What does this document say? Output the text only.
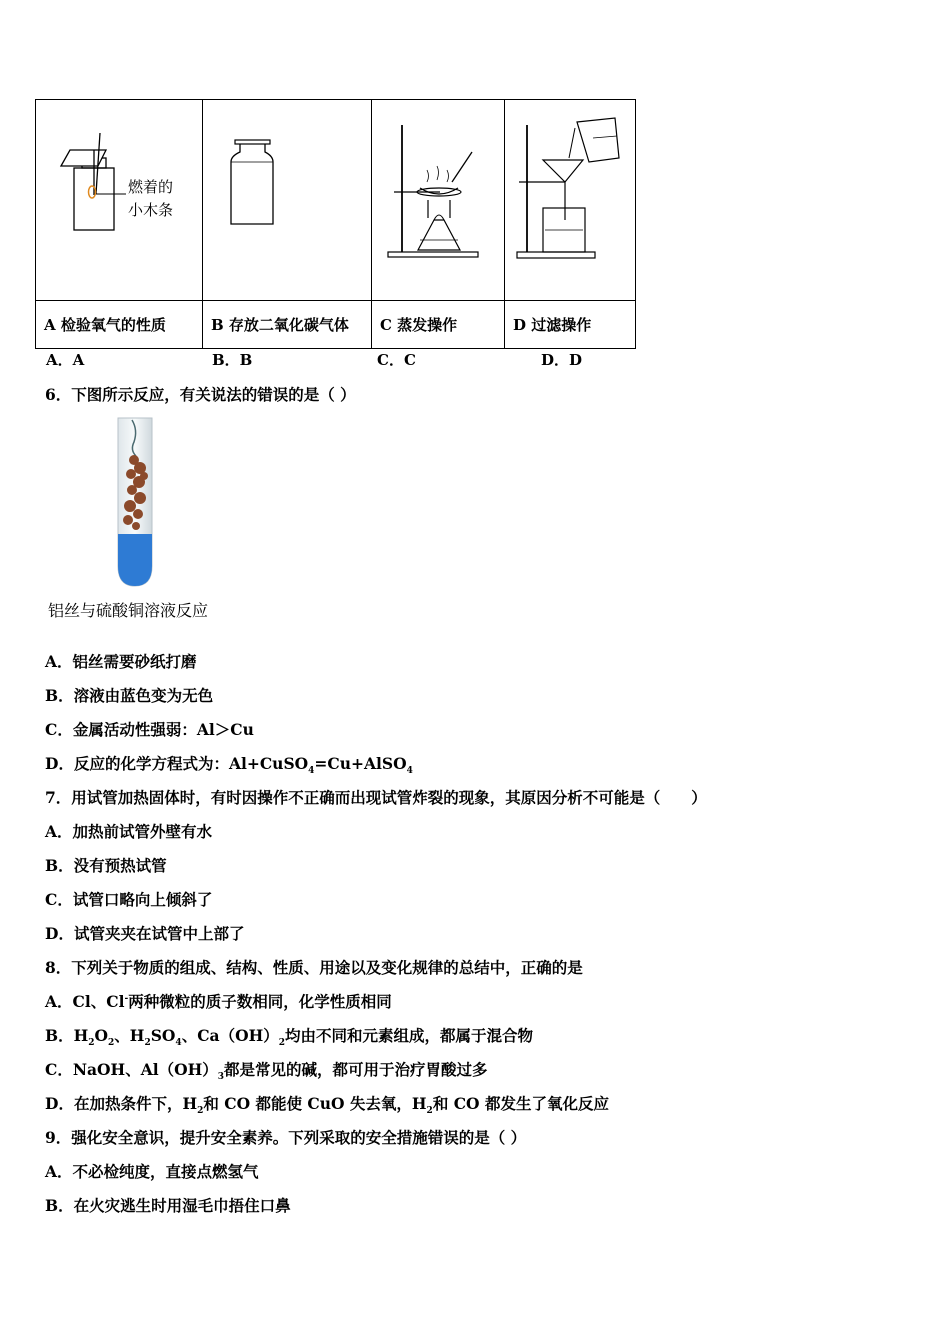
燃着的
小木条

A 检验氧气的性质	B 存放二氧化碳气体	C 蒸发操作	D 过滤操作
A．A	B．B	C．C	D．D
6．下图所示反应，有关说法的错误的是（ ）
铝丝与硫酸铜溶液反应
A．铝丝需要砂纸打磨
B．溶液由蓝色变为无色
C．金属活动性强弱：Al＞Cu
D．反应的化学方程式为：Al+CuSO$_4$=Cu+AlSO$_4$
7．用试管加热固体时，有时因操作不正确而出现试管炸裂的现象，其原因分析不可能是（　　）
A．加热前试管外壁有水
B．没有预热试管
C．试管口略向上倾斜了
D．试管夹夹在试管中上部了
8．下列关于物质的组成、结构、性质、用途以及变化规律的总结中，正确的是
A．Cl、Cl-两种微粒的质子数相同，化学性质相同
B．$H_2O_2$、$H_2SO_4$、$Ca(OH)_2$均由不同和元素组成，都属于混合物
C．NaOH、$Al(OH)_3$都是常见的碱，都可用于治疗胃酸过多
D．在加热条件下，$H_2$和 CO 都能使 CuO 失去氧，$H_2$和 CO 都发生了氧化反应
9．强化安全意识，提升安全素养。下列采取的安全措施错误的是（ ）
A．不必检纯度，直接点燃氢气
B．在火灾逃生时用湿毛巾捂住口鼻
